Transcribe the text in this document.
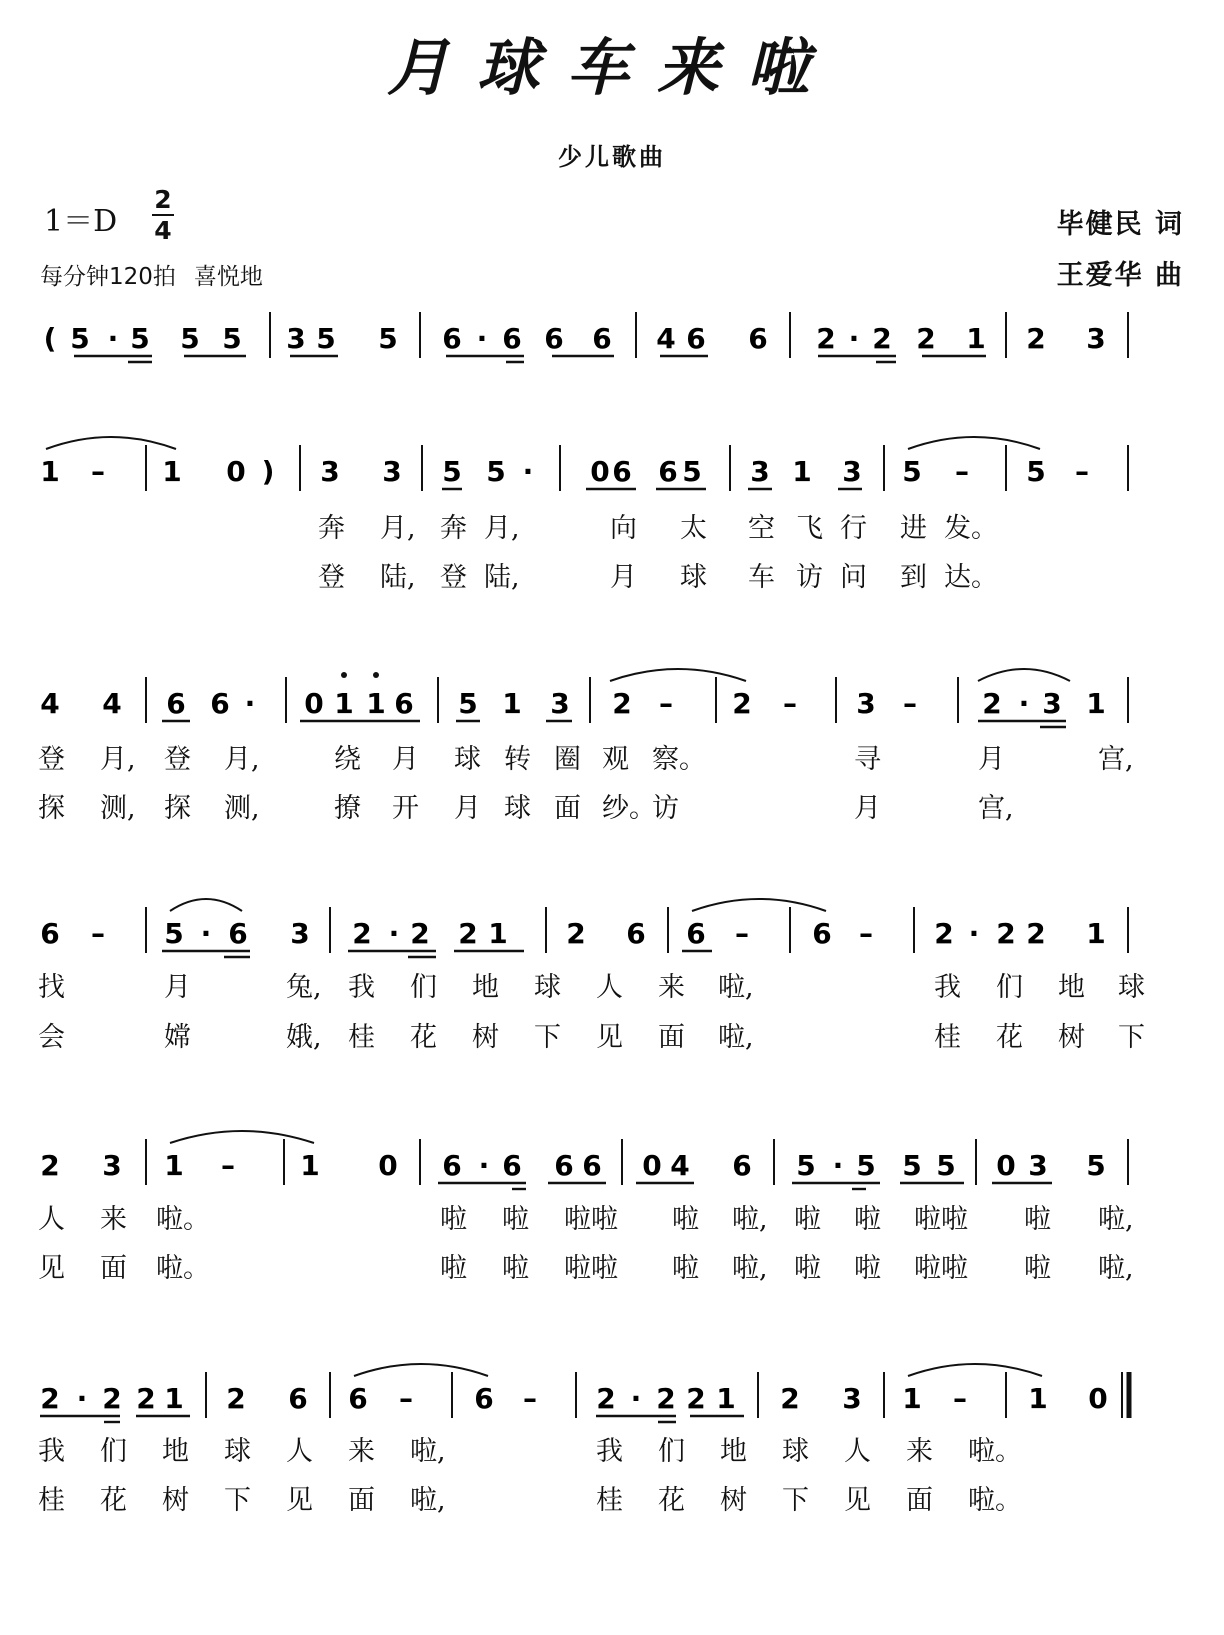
月球车来啦
少儿歌曲
1＝D
2
4
每分钟120拍 喜悦地
毕健民 词
王爱华 曲
( 5 · 5 5 5 3 5 5 6 · 6 6 6 4 6 6 2 · 2 2 1 2 3
1 – 1 0 ) 3 3 5 5 · 0 6 6 5 3 1 3 5 – 5 –
奔 月, 奔 月,	向 太 空 飞 行 进 发。
登 陆, 登 陆,	月 球 车 访 问 到 达。
4 4 6 6 · 0 1 1 6 5 1 3 2 – 2 – 3 – 2 · 3 1
登 月, 登 月,	绕 月 球 转 圈 观 察。	寻	月	宫,
探 测, 探 测,	撩 开 月 球 面 纱。
访	月	宫,
6 – 5 · 6 3 2 · 2 2 1 2 6 6 – 6 – 2 · 2 2 1
找	月	兔, 我 们 地 球 人 来 啦,	我 们 地 球
会	嫦	娥, 桂 花 树 下 见 面 啦,	桂 花 树 下
2 3 1 – 1 0 6 · 6 6 6 0 4 6 5 · 5 5 5 0 3 5
人 来 啦。	啦 啦 啦啦 啦 啦, 啦 啦 啦啦 啦 啦,
见 面 啦。	啦 啦 啦啦 啦 啦, 啦 啦 啦啦 啦 啦,
2 · 2 2 1 2 6 6 – 6 – 2 · 2 2 1 2 3 1 – 1 0
我 们 地 球 人 来 啦,	我 们 地 球 人 来 啦。
桂 花 树 下 见 面 啦,	桂 花 树 下 见 面 啦。
